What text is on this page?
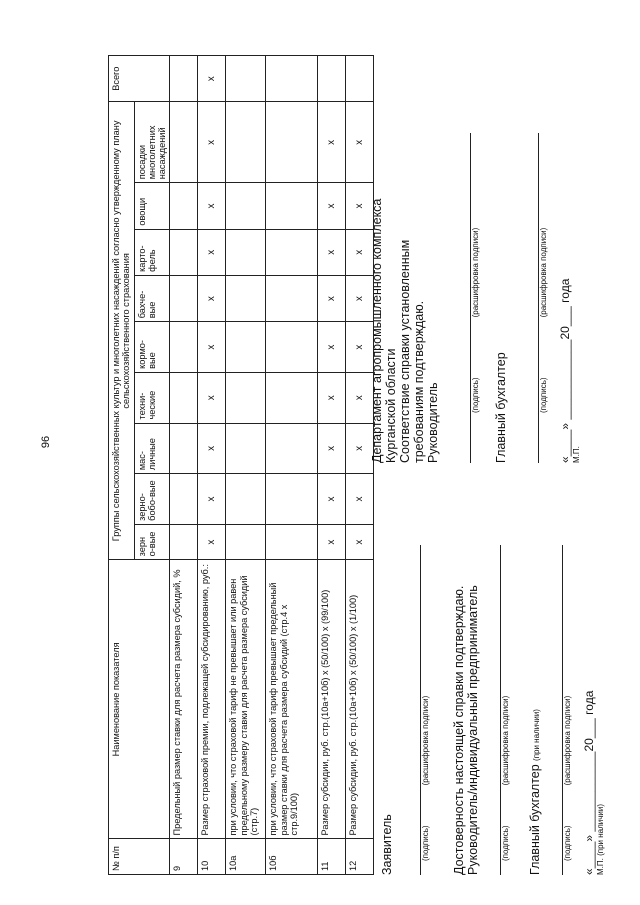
96
№ п/п	Наименование показателя	Группы сельскохозяйственных культур и многолетних насаждений согласно утвержденному плану сельскохозяйственного страхования									Всего
		зерн о-вые	зерно-бобо-вые	мас-личные	техни-ческие	кормо-вые	бахче-вые	карто-фель	овощи	посадки многолетних насаждений	
9	Предельный размер ставки для расчета размера субсидий, %										
10	Размер страховой премии, подлежащей субсидированию, руб.:	x	x	x	x	x	x	x	x	x	x
10а	при условии, что страховой тариф не превышает или равен предельному размеру ставки для расчета размера субсидий (стр.7)										
10б	при условии, что страховой тариф превышает предельный размер ставки для расчета размера субсидий (стр.4 x стр.9/100)										
11	Размер субсидии, руб. стр.(10а+10б) x (50/100) x (99/100)	x	x	x	x	x	x	x	x	x	
12	Размер субсидии, руб. стр.(10а+10б) x (50/100) x (1/100)	x	x	x	x	x	x	x	x	x	
Заявитель	(подпись)
(расшифровка подписи) Достоверность настоящей справки подтверждаю. Руководитель/индивидуальный предприниматель	(подпись)
(расшифровка подписи)
Главный бухгалтер (при наличии)
(подпись)
(расшифровка подписи) «____» ____________20___ года М.П. (при наличии)
Департамент агропромышленного комплекса Курганской области Соответствие справки установленным требованиям подтверждаю. Руководитель	(подпись)
(расшифровка подписи)
Главный бухгалтер	(подпись)
(расшифровка подписи)
«____» ____________20___ года М.П.
